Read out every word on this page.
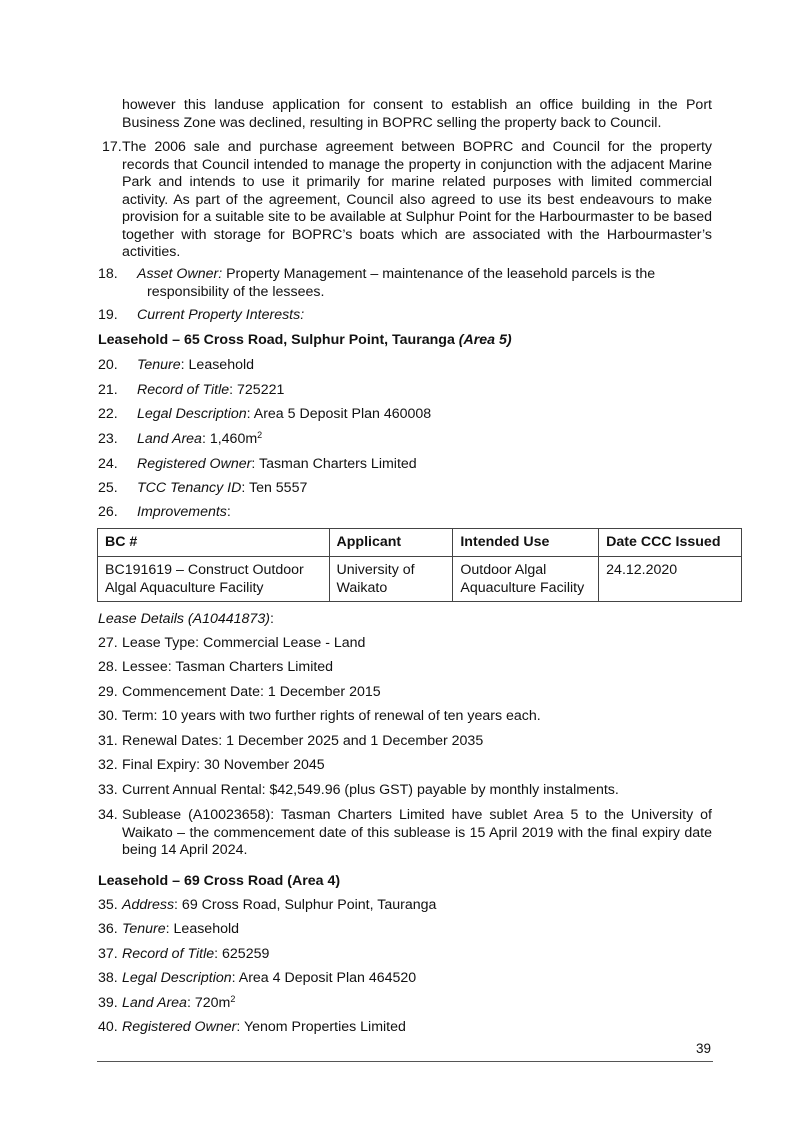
however this landuse application for consent to establish an office building in the Port Business Zone was declined, resulting in BOPRC selling the property back to Council.
17. The 2006 sale and purchase agreement between BOPRC and Council for the property records that Council intended to manage the property in conjunction with the adjacent Marine Park and intends to use it primarily for marine related purposes with limited commercial activity. As part of the agreement, Council also agreed to use its best endeavours to make provision for a suitable site to be available at Sulphur Point for the Harbourmaster to be based together with storage for BOPRC’s boats which are associated with the Harbourmaster’s activities.
18. Asset Owner: Property Management – maintenance of the leasehold parcels is the
responsibility of the lessees.
19. Current Property Interests:
Leasehold – 65 Cross Road, Sulphur Point, Tauranga (Area 5)
20. Tenure: Leasehold
21. Record of Title: 725221
22. Legal Description: Area 5 Deposit Plan 460008
23. Land Area: $1,460m^2$
24. Registered Owner: Tasman Charters Limited
25. TCC Tenancy ID: Ten 5557
26. Improvements:
BC #	Applicant	Intended Use	Date CCC Issued
BC191619 – Construct Outdoor Algal Aquaculture Facility	University of Waikato	Outdoor Algal Aquaculture Facility	24.12.2020
Lease Details (A10441873):
27. Lease Type: Commercial Lease - Land
28. Lessee: Tasman Charters Limited
29. Commencement Date: 1 December 2015
30. Term: 10 years with two further rights of renewal of ten years each.
31. Renewal Dates: 1 December 2025 and 1 December 2035
32. Final Expiry: 30 November 2045
33. Current Annual Rental: $42,549.96 (plus GST) payable by monthly instalments.
34. Sublease (A10023658): Tasman Charters Limited have sublet Area 5 to the University of Waikato – the commencement date of this sublease is 15 April 2019 with the final expiry date being 14 April 2024.
Leasehold – 69 Cross Road (Area 4)
35. Address: 69 Cross Road, Sulphur Point, Tauranga
36. Tenure: Leasehold
37. Record of Title: 625259
38. Legal Description: Area 4 Deposit Plan 464520
39. Land Area: $720m^2$
40. Registered Owner: Yenom Properties Limited
39
